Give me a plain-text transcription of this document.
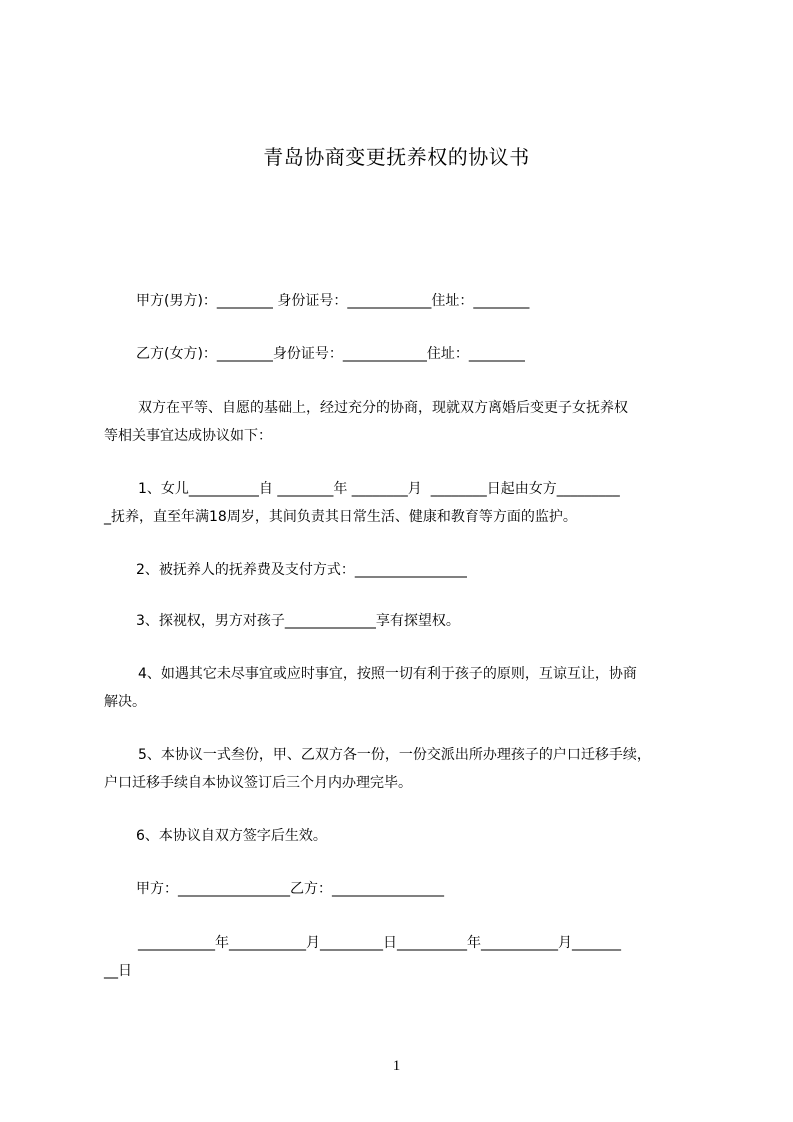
青岛协商变更抚养权的协议书
甲方(男方)：________ 身份证号：____________住址：________
乙方(女方)：________身份证号：____________住址：________
双方在平等、自愿的基础上，经过充分的协商，现就双方离婚后变更子女抚养权
等相关事宜达成协议如下：
1、女儿__________自 ________年 ________月  ________日起由女方_________
_抚养，直至年满18周岁，其间负责其日常生活、健康和教育等方面的监护。
2、被抚养人的抚养费及支付方式：________________
3、探视权，男方对孩子_____________享有探望权。
4、如遇其它未尽事宜或应时事宜，按照一切有利于孩子的原则，互谅互让，协商
解决。
5、本协议一式叁份，甲、乙双方各一份，一份交派出所办理孩子的户口迁移手续，
户口迁移手续自本协议签订后三个月内办理完毕。
6、本协议自双方签字后生效。
甲方：________________乙方：________________
___________年___________月_________日__________年___________月_______
__日
1
